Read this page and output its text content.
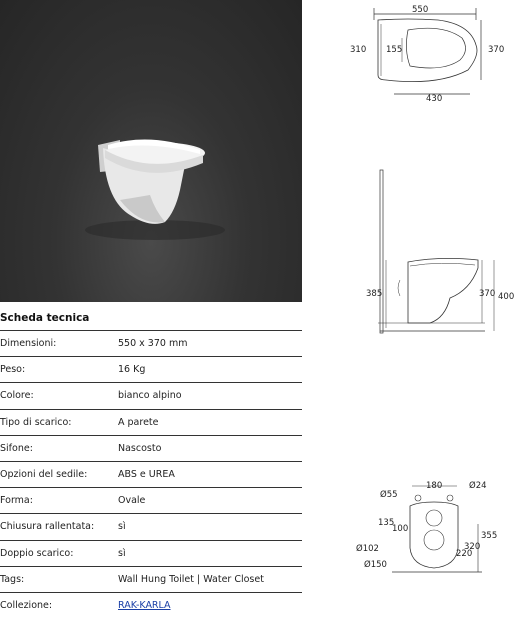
550
310 155	370
430
385	370 400
180
Ø55
Ø24
135
100
Ø102
Ø150
320
220
355
Scheda tecnica
Dimensioni:	550 x 370 mm
Peso:	16 Kg
Colore:	bianco alpino
Tipo di scarico:	A parete
Sifone:	Nascosto
Opzioni del sedile:	ABS e UREA
Forma:	Ovale
Chiusura rallentata:	sì
Doppio scarico:	sì
Tags:	Wall Hung Toilet | Water Closet
Collezione:	RAK-KARLA
